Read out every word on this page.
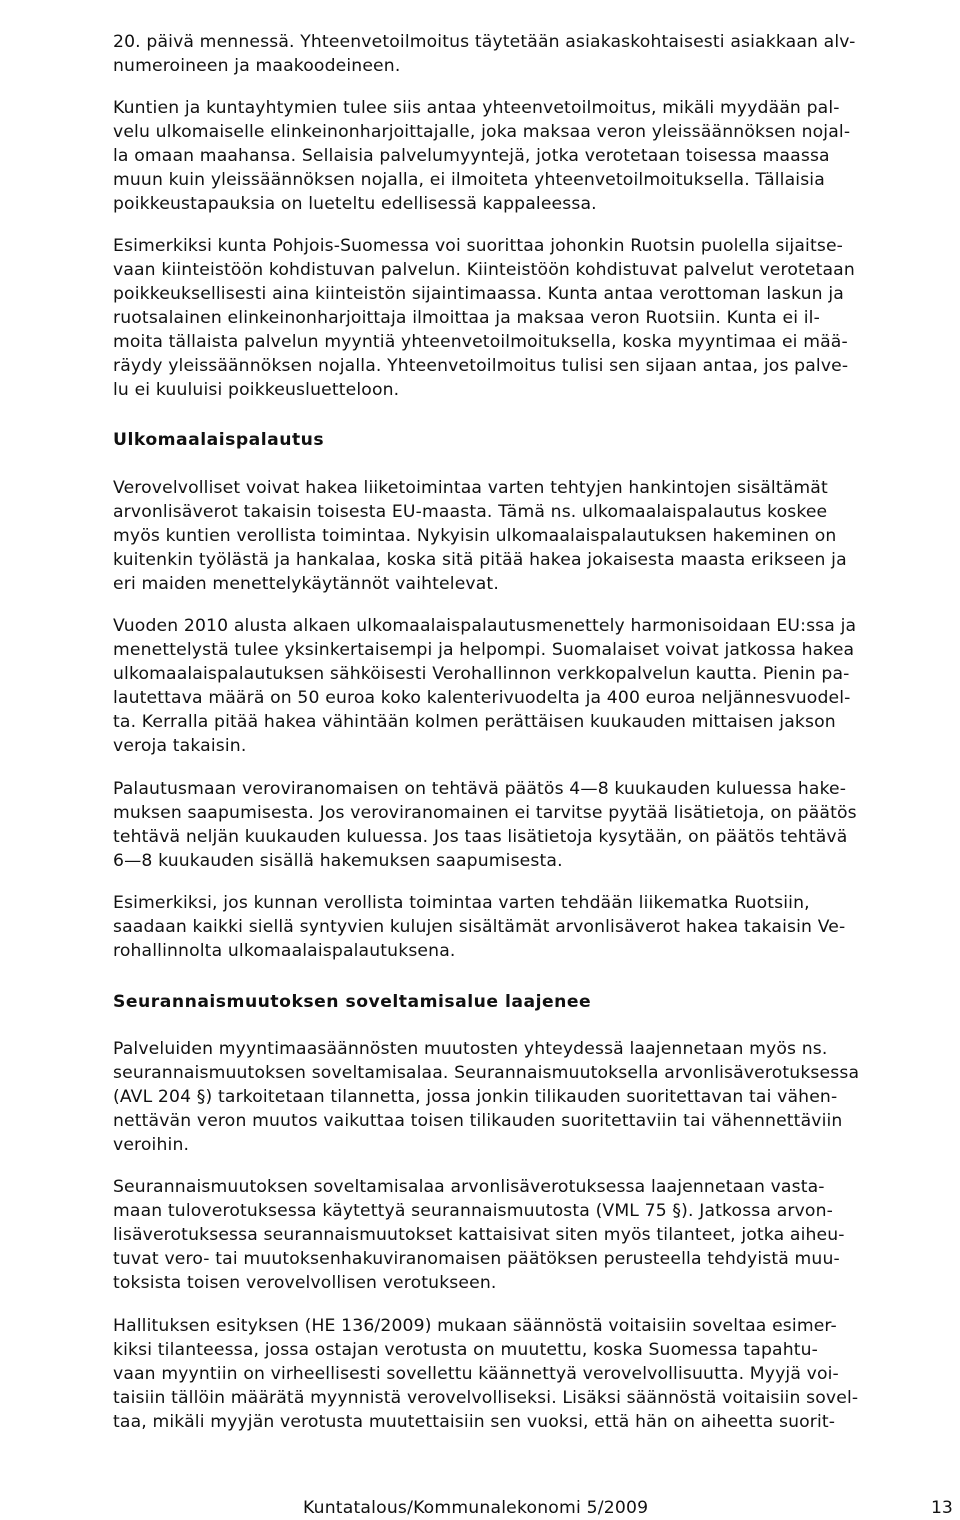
20. päivä mennessä. Yhteenvetoilmoitus täytetään asiakaskohtaisesti asiakkaan alv-
numeroineen ja maakoodeineen.
Kuntien ja kuntayhtymien tulee siis antaa yhteenvetoilmoitus, mikäli myydään pal-
velu ulkomaiselle elinkeinonharjoittajalle, joka maksaa veron yleissäännöksen nojal-
la omaan maahansa. Sellaisia palvelumyyntejä, jotka verotetaan toisessa maassa
muun kuin yleissäännöksen nojalla, ei ilmoiteta yhteenvetoilmoituksella. Tällaisia
poikkeustapauksia on lueteltu edellisessä kappaleessa.
Esimerkiksi kunta Pohjois-Suomessa voi suorittaa johonkin Ruotsin puolella sijaitse-
vaan kiinteistöön kohdistuvan palvelun. Kiinteistöön kohdistuvat palvelut verotetaan
poikkeuksellisesti aina kiinteistön sijaintimaassa. Kunta antaa verottoman laskun ja
ruotsalainen elinkeinonharjoittaja ilmoittaa ja maksaa veron Ruotsiin. Kunta ei il-
moita tällaista palvelun myyntiä yhteenvetoilmoituksella, koska myyntimaa ei mää-
räydy yleissäännöksen nojalla. Yhteenvetoilmoitus tulisi sen sijaan antaa, jos palve-
lu ei kuuluisi poikkeusluetteloon.
Ulkomaalaispalautus
Verovelvolliset voivat hakea liiketoimintaa varten tehtyjen hankintojen sisältämät
arvonlisäverot takaisin toisesta EU-maasta. Tämä ns. ulkomaalaispalautus koskee
myös kuntien verollista toimintaa. Nykyisin ulkomaalaispalautuksen hakeminen on
kuitenkin työlästä ja hankalaa, koska sitä pitää hakea jokaisesta maasta erikseen ja
eri maiden menettelykäytännöt vaihtelevat.
Vuoden 2010 alusta alkaen ulkomaalaispalautusmenettely harmonisoidaan EU:ssa ja
menettelystä tulee yksinkertaisempi ja helpompi. Suomalaiset voivat jatkossa hakea
ulkomaalaispalautuksen sähköisesti Verohallinnon verkkopalvelun kautta. Pienin pa-
lautettava määrä on 50 euroa koko kalenterivuodelta ja 400 euroa neljännesvuodel-
ta. Kerralla pitää hakea vähintään kolmen perättäisen kuukauden mittaisen jakson
veroja takaisin.
Palautusmaan veroviranomaisen on tehtävä päätös 4—8 kuukauden kuluessa hake-
muksen saapumisesta. Jos veroviranomainen ei tarvitse pyytää lisätietoja, on päätös
tehtävä neljän kuukauden kuluessa. Jos taas lisätietoja kysytään, on päätös tehtävä
6—8 kuukauden sisällä hakemuksen saapumisesta.
Esimerkiksi, jos kunnan verollista toimintaa varten tehdään liikematka Ruotsiin,
saadaan kaikki siellä syntyvien kulujen sisältämät arvonlisäverot hakea takaisin Ve-
rohallinnolta ulkomaalaispalautuksena.
Seurannaismuutoksen soveltamisalue laajenee
Palveluiden myyntimaasäännösten muutosten yhteydessä laajennetaan myös ns.
seurannaismuutoksen soveltamisalaa. Seurannaismuutoksella arvonlisäverotuksessa
(AVL 204 §) tarkoitetaan tilannetta, jossa jonkin tilikauden suoritettavan tai vähen-
nettävän veron muutos vaikuttaa toisen tilikauden suoritettaviin tai vähennettäviin
veroihin.
Seurannaismuutoksen soveltamisalaa arvonlisäverotuksessa laajennetaan vasta-
maan tuloverotuksessa käytettyä seurannaismuutosta (VML 75 §). Jatkossa arvon-
lisäverotuksessa seurannaismuutokset kattaisivat siten myös tilanteet, jotka aiheu-
tuvat vero- tai muutoksenhakuviranomaisen päätöksen perusteella tehdyistä muu-
toksista toisen verovelvollisen verotukseen.
Hallituksen esityksen (HE 136/2009) mukaan säännöstä voitaisiin soveltaa esimer-
kiksi tilanteessa, jossa ostajan verotusta on muutettu, koska Suomessa tapahtu-
vaan myyntiin on virheellisesti sovellettu käännettyä verovelvollisuutta. Myyjä voi-
taisiin tällöin määrätä myynnistä verovelvolliseksi. Lisäksi säännöstä voitaisiin sovel-
taa, mikäli myyjän verotusta muutettaisiin sen vuoksi, että hän on aiheetta suorit-
Kuntatalous/Kommunalekonomi 5/2009	13
